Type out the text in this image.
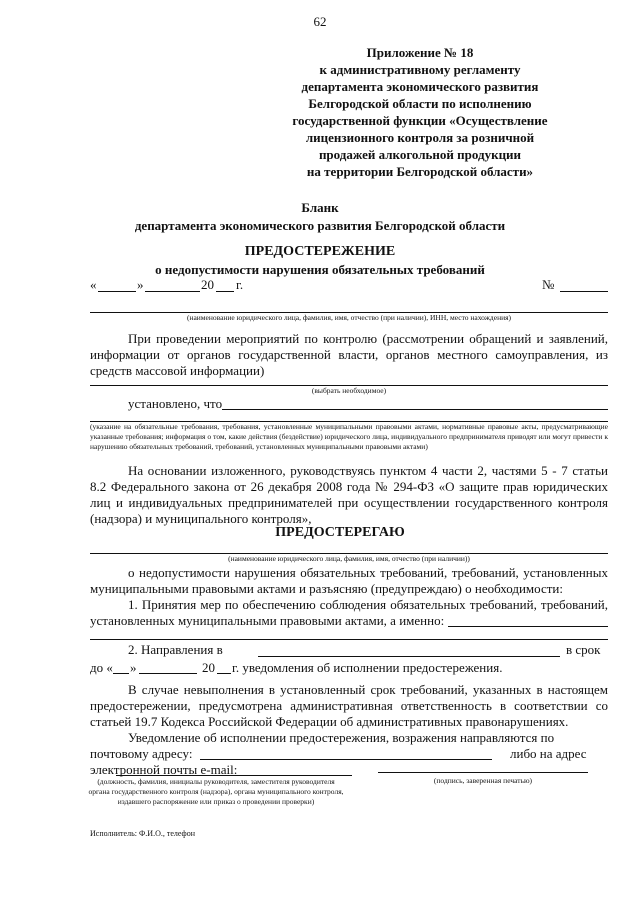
62
Приложение № 18
к административному регламенту
департамента экономического развития
Белгородской области по исполнению
государственной функции «Осуществление
лицензионного контроля за розничной
продажей алкогольной продукции
на территории Белгородской области»
Бланк
департамента экономического развития Белгородской области
ПРЕДОСТЕРЕЖЕНИЕ
о недопустимости нарушения обязательных требований
«	»	20 г.	№
(наименование юридического лица, фамилия, имя, отчество (при наличии), ИНН, место нахождения)
При проведении мероприятий по контролю (рассмотрении обращений и заявлений, информации от органов государственной власти, органов местного самоуправления, из средств массовой информации)
(выбрать необходимое)
установлено, что
(указание на обязательные требования, требования, установленные муниципальными правовыми актами, нормативные правовые акты, предусматривающие указанные требования; информация о том, какие действия (бездействие) юридического лица, индивидуального предпринимателя приводят или могут привести к нарушению обязательных требований, требований, установленных муниципальными правовыми актами)
На основании изложенного, руководствуясь пунктом 4 части 2, частями 5 - 7 статьи 8.2 Федерального закона от 26 декабря 2008 года № 294-ФЗ «О защите прав юридических лиц и индивидуальных предпринимателей при осуществлении государственного контроля (надзора) и муниципального контроля»,
ПРЕДОСТЕРЕГАЮ
(наименование юридического лица, фамилия, имя, отчество (при наличии))
о недопустимости нарушения обязательных требований, требований, установленных муниципальными правовыми актами и разъясняю (предупреждаю) о необходимости:
1. Принятия мер по обеспечению соблюдения обязательных требований, требований, установленных муниципальными правовыми актами, а именно:
2. Направления в	в срок
до « »	20 г. уведомления об исполнении предостережения.
В случае невыполнения в установленный срок требований, указанных в настоящем предостережении, предусмотрена административная ответственность в соответствии со статьей 19.7 Кодекса Российской Федерации об административных правонарушениях.
Уведомление об исполнении предостережения, возражения направляются по
почтовому адресу:	либо на адрес
электронной почты e-mail:
(должность, фамилия, инициалы руководителя, заместителя руководителя органа государственного контроля (надзора), органа муниципального контроля, издавшего распоряжение или приказ о проведении проверки)
(подпись, заверенная печатью)
Исполнитель: Ф.И.О., телефон
